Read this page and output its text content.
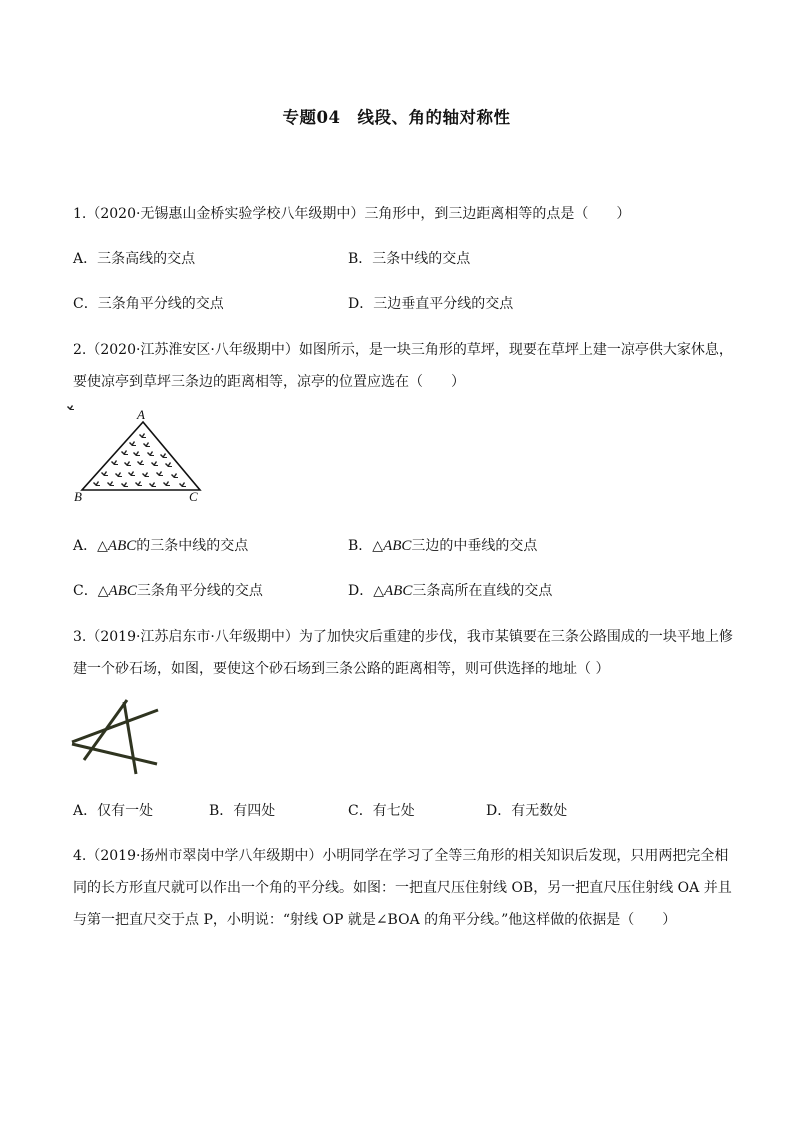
专题04　线段、角的轴对称性
1.（2020·无锡惠山金桥实验学校八年级期中）三角形中，到三边距离相等的点是（　　）
A．三条高线的交点	B．三条中线的交点
C．三条角平分线的交点	D．三边垂直平分线的交点
2.（2020·江苏淮安区·八年级期中）如图所示，是一块三角形的草坪，现要在草坪上建一凉亭供大家休息，
要使凉亭到草坪三条边的距离相等，凉亭的位置应选在（　　）
A
B	C
A．△ABC的三条中线的交点	B．△ABC三边的中垂线的交点
C．△ABC三条角平分线的交点	D．△ABC三条高所在直线的交点
3.（2019·江苏启东市·八年级期中）为了加快灾后重建的步伐，我市某镇要在三条公路围成的一块平地上修
建一个砂石场，如图，要使这个砂石场到三条公路的距离相等，则可供选择的地址（ ）
A．仅有一处	B．有四处	C．有七处	D．有无数处
4.（2019·扬州市翠岗中学八年级期中）小明同学在学习了全等三角形的相关知识后发现，只用两把完全相
同的长方形直尺就可以作出一个角的平分线。如图：一把直尺压住射线 OB，另一把直尺压住射线 OA 并且
与第一把直尺交于点 P，小明说：“射线 OP 就是∠BOA 的角平分线。”他这样做的依据是（　　）
